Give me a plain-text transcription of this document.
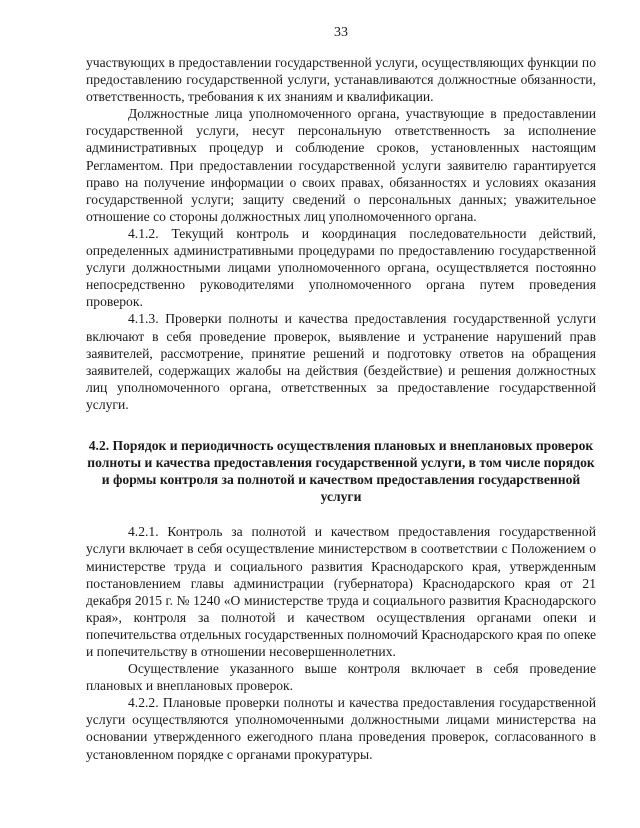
33

участвующих в предоставлении государственной услуги, осуществляющих функции по предоставлению государственной услуги, устанавливаются должностные обязанности, ответственность, требования к их знаниям и квалификации.

Должностные лица уполномоченного органа, участвующие в предоставлении государственной услуги, несут персональную ответственность за исполнение административных процедур и соблюдение сроков, установленных настоящим Регламентом. При предоставлении государственной услуги заявителю гарантируется право на получение информации о своих правах, обязанностях и условиях оказания государственной услуги; защиту сведений о персональных данных; уважительное отношение со стороны должностных лиц уполномоченного органа.

4.1.2. Текущий контроль и координация последовательности действий, определенных административными процедурами по предоставлению государственной услуги должностными лицами уполномоченного органа, осуществляется постоянно непосредственно руководителями уполномоченного органа путем проведения проверок.

4.1.3. Проверки полноты и качества предоставления государственной услуги включают в себя проведение проверок, выявление и устранение нарушений прав заявителей, рассмотрение, принятие решений и подготовку ответов на обращения заявителей, содержащих жалобы на действия (бездействие) и решения должностных лиц уполномоченного органа, ответственных за предоставление государственной услуги.

4.2. Порядок и периодичность осуществления плановых и внеплановых проверок полноты и качества предоставления государственной услуги, в том числе порядок и формы контроля за полнотой и качеством предоставления государственной услуги

4.2.1. Контроль за полнотой и качеством предоставления государственной услуги включает в себя осуществление министерством в соответствии с Положением о министерстве труда и социального развития Краснодарского края, утвержденным постановлением главы администрации (губернатора) Краснодарского края от 21 декабря 2015 г. № 1240 «О министерстве труда и социального развития Краснодарского края», контроля за полнотой и качеством осуществления органами опеки и попечительства отдельных государственных полномочий Краснодарского края по опеке и попечительству в отношении несовершеннолетних.

Осуществление указанного выше контроля включает в себя проведение плановых и внеплановых проверок.

4.2.2. Плановые проверки полноты и качества предоставления государственной услуги осуществляются уполномоченными должностными лицами министерства на основании утвержденного ежегодного плана проведения проверок, согласованного в установленном порядке с органами прокуратуры.
